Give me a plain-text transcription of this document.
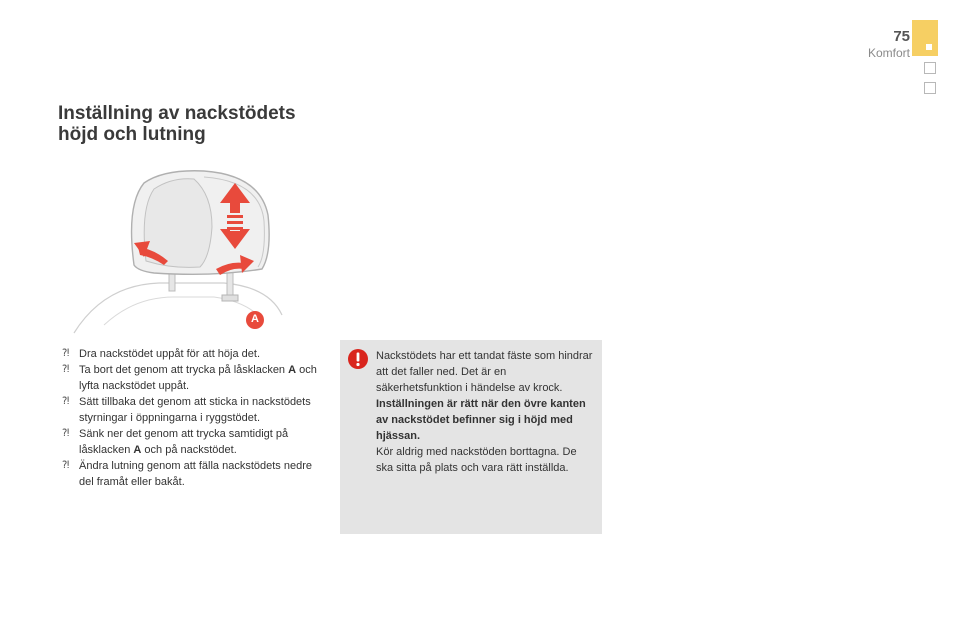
75
Komfort
Inställning av nackstödets
höjd och lutning
A
⁈ Dra nackstödet uppåt för att höja det.
⁈ Ta bort det genom att trycka på låsklacken A och lyfta nackstödet uppåt.
⁈ Sätt tillbaka det genom att sticka in nackstödets styrningar i öppningarna i ryggstödet.
⁈ Sänk ner det genom att trycka samtidigt på låsklacken A och på nackstödet.
⁈ Ändra lutning genom att fälla nackstödets nedre del framåt eller bakåt.
Nackstödets har ett tandat fäste som hindrar att det faller ned. Det är en säkerhetsfunktion i händelse av krock.
Inställningen är rätt när den övre kanten av nackstödet befinner sig i höjd med hjässan.
Kör aldrig med nackstöden borttagna. De ska sitta på plats och vara rätt inställda.
